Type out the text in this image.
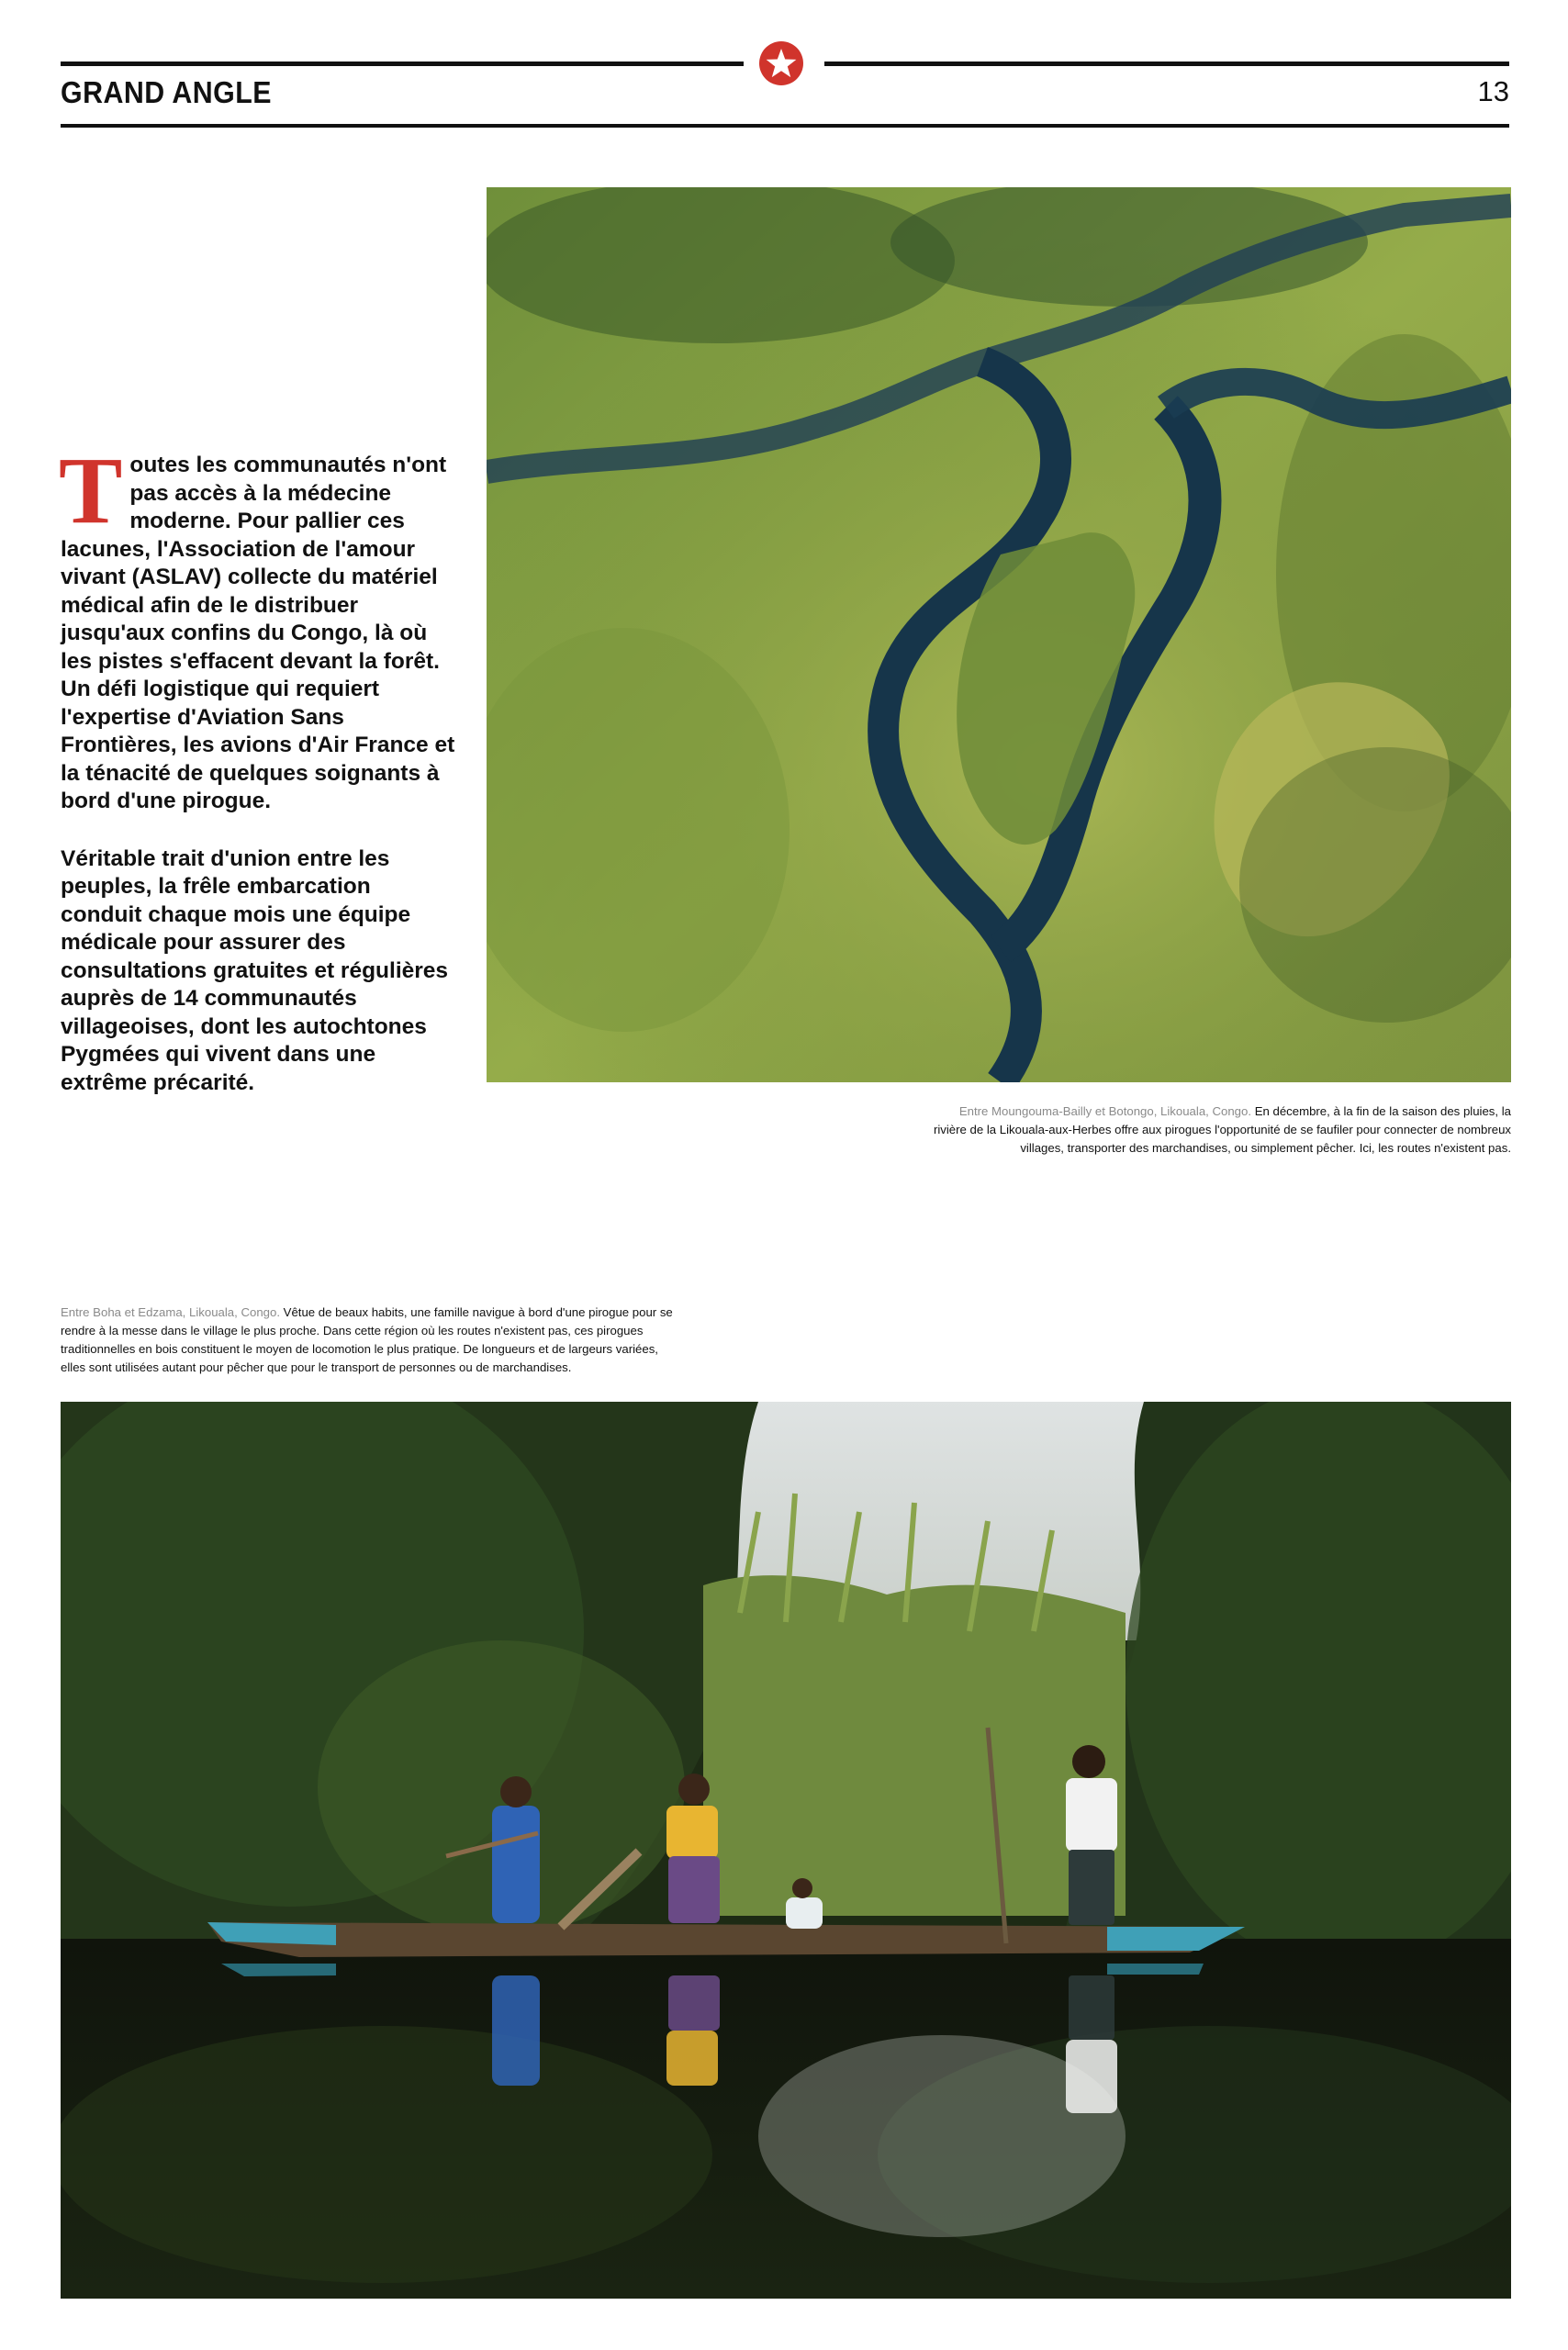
GRAND ANGLE	13

Toutes les communautés n'ont pas accès à la médecine moderne. Pour pallier ces lacunes, l'Association de l'amour vivant (ASLAV) collecte du matériel médical afin de le distribuer jusqu'aux confins du Congo, là où les pistes s'effacent devant la forêt. Un défi logistique qui requiert l'expertise d'Aviation Sans Frontières, les avions d'Air France et la ténacité de quelques soignants à bord d'une pirogue.

Véritable trait d'union entre les peuples, la frêle embarcation conduit chaque mois une équipe médicale pour assurer des consultations gratuites et régulières auprès de 14 communautés villageoises, dont les autochtones Pygmées qui vivent dans une extrême précarité.

Entre Moungouma-Bailly et Botongo, Likouala, Congo. En décembre, à la fin de la saison des pluies, la rivière de la Likouala-aux-Herbes offre aux pirogues l'opportunité de se faufiler pour connecter de nombreux villages, transporter des marchandises, ou simplement pêcher. Ici, les routes n'existent pas.
Entre Boha et Edzama, Likouala, Congo. Vêtue de beaux habits, une famille navigue à bord d'une pirogue pour se rendre à la messe dans le village le plus proche. Dans cette région où les routes n'existent pas, ces pirogues traditionnelles en bois constituent le moyen de locomotion le plus pratique. De longueurs et de largeurs variées, elles sont utilisées autant pour pêcher que pour le transport de personnes ou de marchandises.
